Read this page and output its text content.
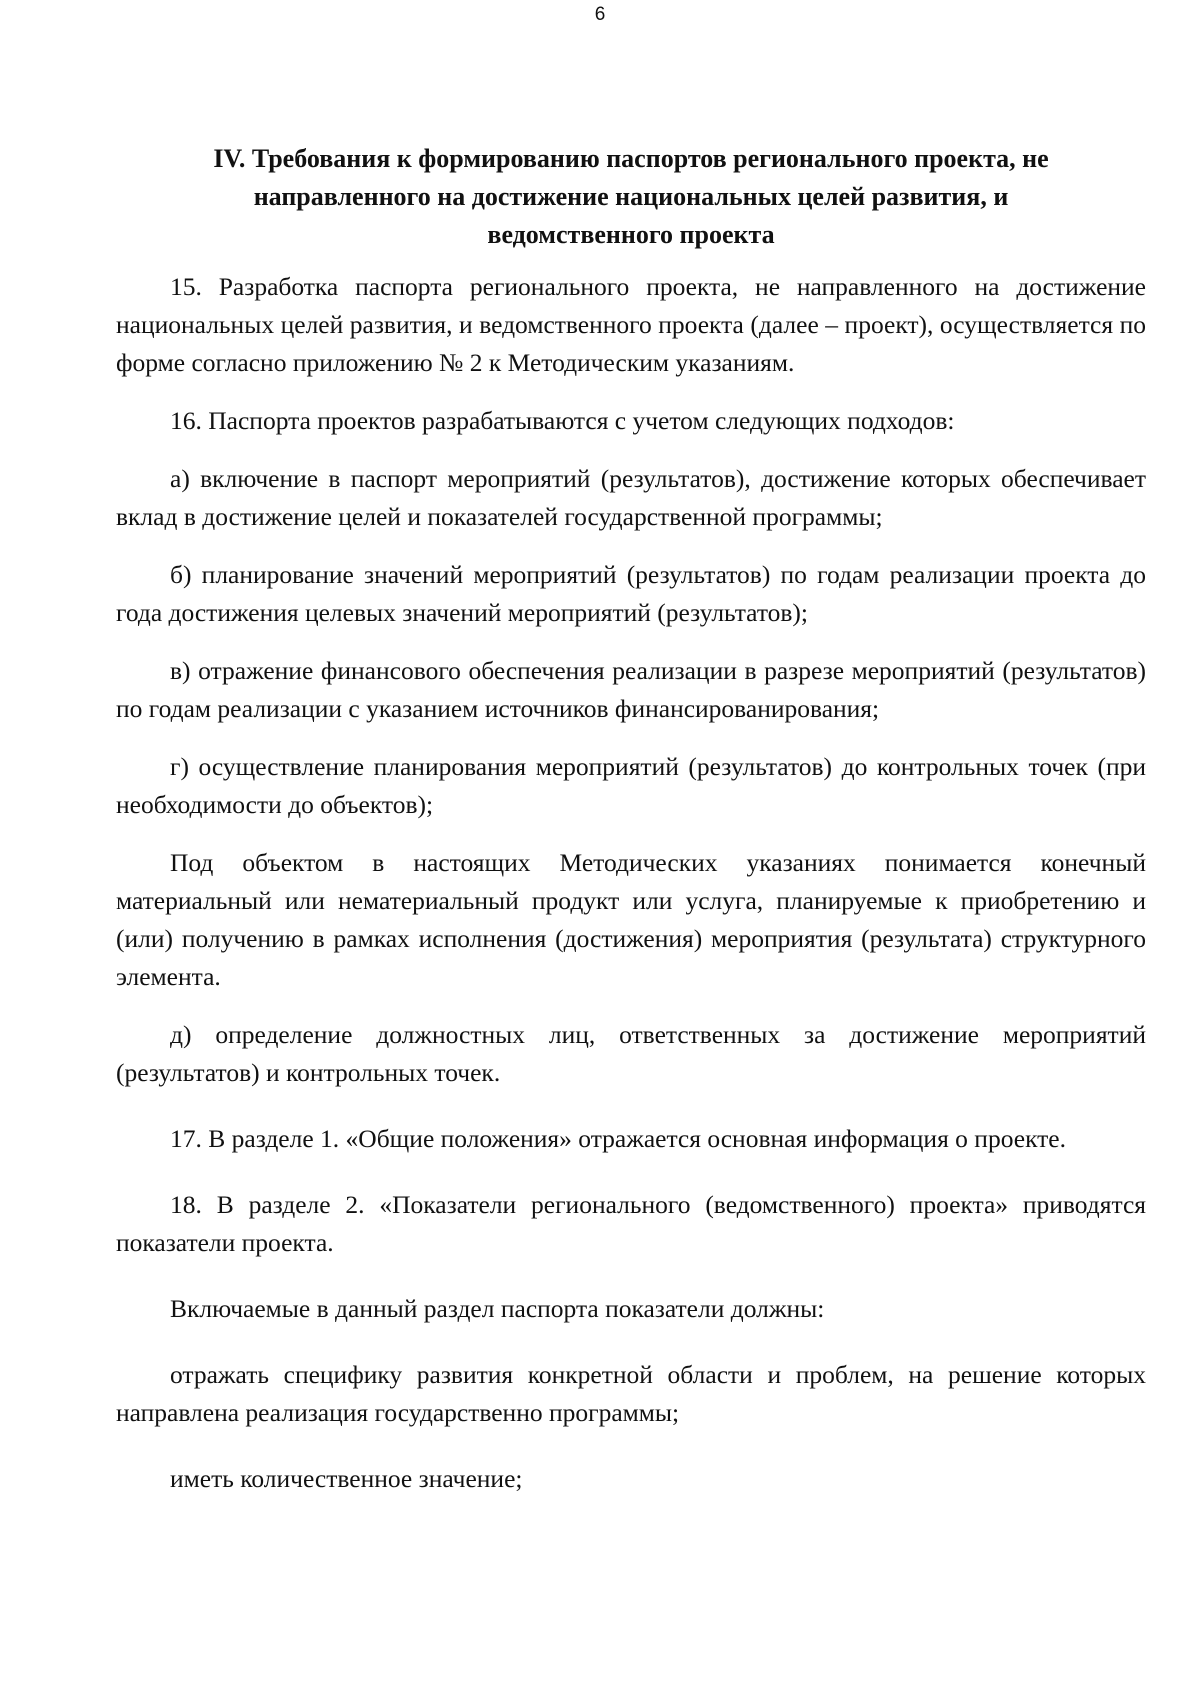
6

IV. Требования к формированию паспортов регионального проекта, не направленного на достижение национальных целей развития, и ведомственного проекта

15. Разработка паспорта регионального проекта, не направленного на достижение национальных целей развития, и ведомственного проекта (далее – проект), осуществляется по форме согласно приложению № 2 к Методическим указаниям.

16. Паспорта проектов разрабатываются с учетом следующих подходов:

а) включение в паспорт мероприятий (результатов), достижение которых обеспечивает вклад в достижение целей и показателей государственной программы;

б) планирование значений мероприятий (результатов) по годам реализации проекта до года достижения целевых значений мероприятий (результатов);

в) отражение финансового обеспечения реализации в разрезе мероприятий (результатов) по годам реализации с указанием источников финансированирования;

г) осуществление планирования мероприятий (результатов) до контрольных точек (при необходимости до объектов);

Под объектом в настоящих Методических указаниях понимается конечный материальный или нематериальный продукт или услуга, планируемые к приобретению и (или) получению в рамках исполнения (достижения) мероприятия (результата) структурного элемента.

д) определение должностных лиц, ответственных за достижение мероприятий (результатов) и контрольных точек.

17. В разделе 1. «Общие положения» отражается основная информация о проекте.

18. В разделе 2. «Показатели регионального (ведомственного) проекта» приводятся показатели проекта.

Включаемые в данный раздел паспорта показатели должны:

отражать специфику развития конкретной области и проблем, на решение которых направлена реализация государственно программы;

иметь количественное значение;
